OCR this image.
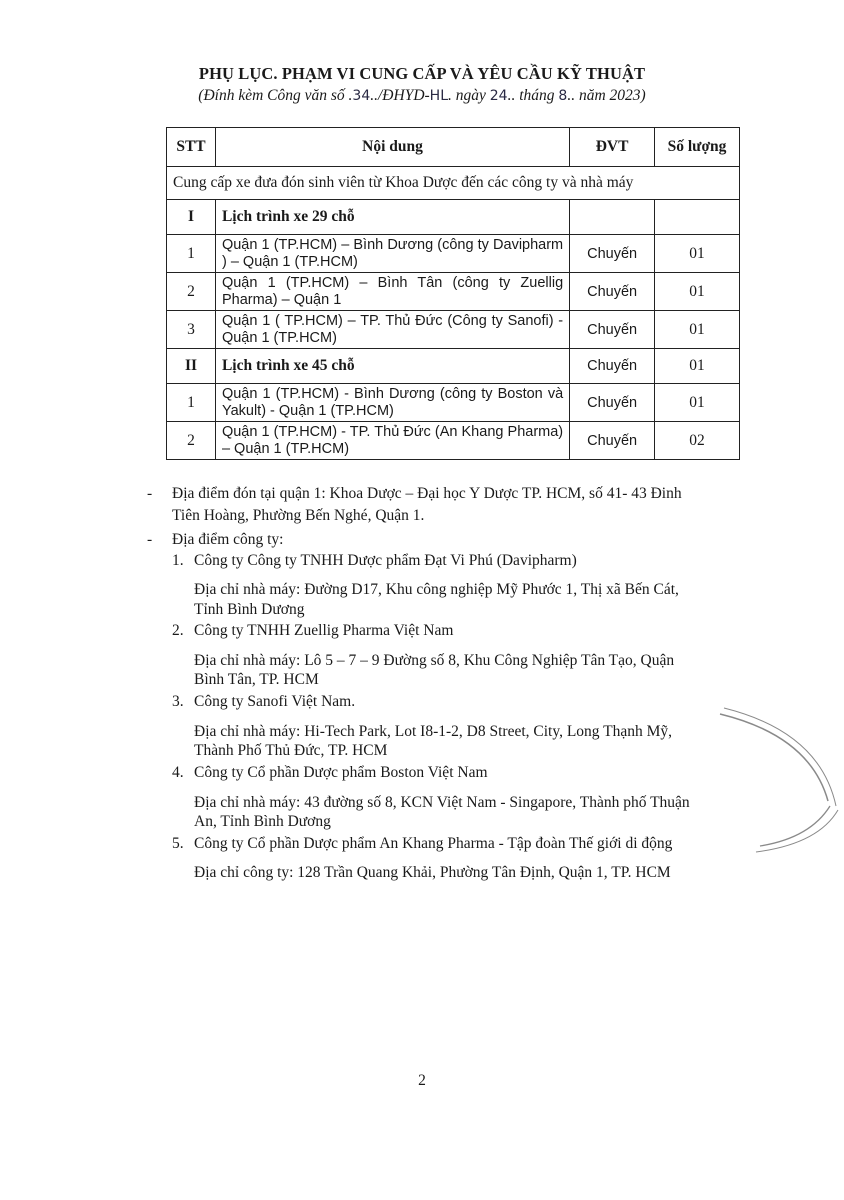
PHỤ LỤC. PHẠM VI CUNG CẤP VÀ YÊU CẦU KỸ THUẬT
(Đính kèm Công văn số .34../ĐHYD-HL. ngày 24.. tháng 8.. năm 2023)
STT	Nội dung	ĐVT	Số lượng
Cung cấp xe đưa đón sinh viên từ Khoa Dược đến các công ty và nhà máy			
I	Lịch trình xe 29 chỗ		
1	Quận 1 (TP.HCM) – Bình Dương (công ty Davipharm ) – Quận 1 (TP.HCM)	Chuyến	01
2	Quận 1 (TP.HCM) – Bình Tân (công ty Zuellig Pharma) – Quận 1	Chuyến	01
3	Quận 1 ( TP.HCM) – TP. Thủ Đức (Công ty Sanofi) - Quận 1 (TP.HCM)	Chuyến	01
II	Lịch trình xe 45 chỗ	Chuyến	01
1	Quận 1 (TP.HCM) - Bình Dương (công ty Boston và Yakult) - Quận 1 (TP.HCM)	Chuyến	01
2	Quận 1 (TP.HCM) - TP. Thủ Đức (An Khang Pharma) – Quận 1 (TP.HCM)	Chuyến	02
- Địa điểm đón tại quận 1: Khoa Dược – Đại học Y Dược TP. HCM, số 41- 43 Đinh
Tiên Hoàng, Phường Bến Nghé, Quận 1.
- Địa điểm công ty:
1. Công ty Công ty TNHH Dược phẩm Đạt Vi Phú (Davipharm)
Địa chỉ nhà máy: Đường D17, Khu công nghiệp Mỹ Phước 1, Thị xã Bến Cát,
Tỉnh Bình Dương
2. Công ty TNHH Zuellig Pharma Việt Nam
Địa chỉ nhà máy: Lô 5 – 7 – 9 Đường số 8, Khu Công Nghiệp Tân Tạo, Quận
Bình Tân, TP. HCM
3. Công ty Sanofi Việt Nam.
Địa chỉ nhà máy: Hi-Tech Park, Lot I8-1-2, D8 Street, City, Long Thạnh Mỹ,
Thành Phố Thủ Đức, TP. HCM
4. Công ty Cổ phần Dược phẩm Boston Việt Nam
Địa chỉ nhà máy: 43 đường số 8, KCN Việt Nam - Singapore, Thành phố Thuận
An, Tỉnh Bình Dương
5. Công ty Cổ phần Dược phẩm An Khang Pharma - Tập đoàn Thế giới di động
Địa chỉ công ty: 128 Trần Quang Khải, Phường Tân Định, Quận 1, TP. HCM
2
